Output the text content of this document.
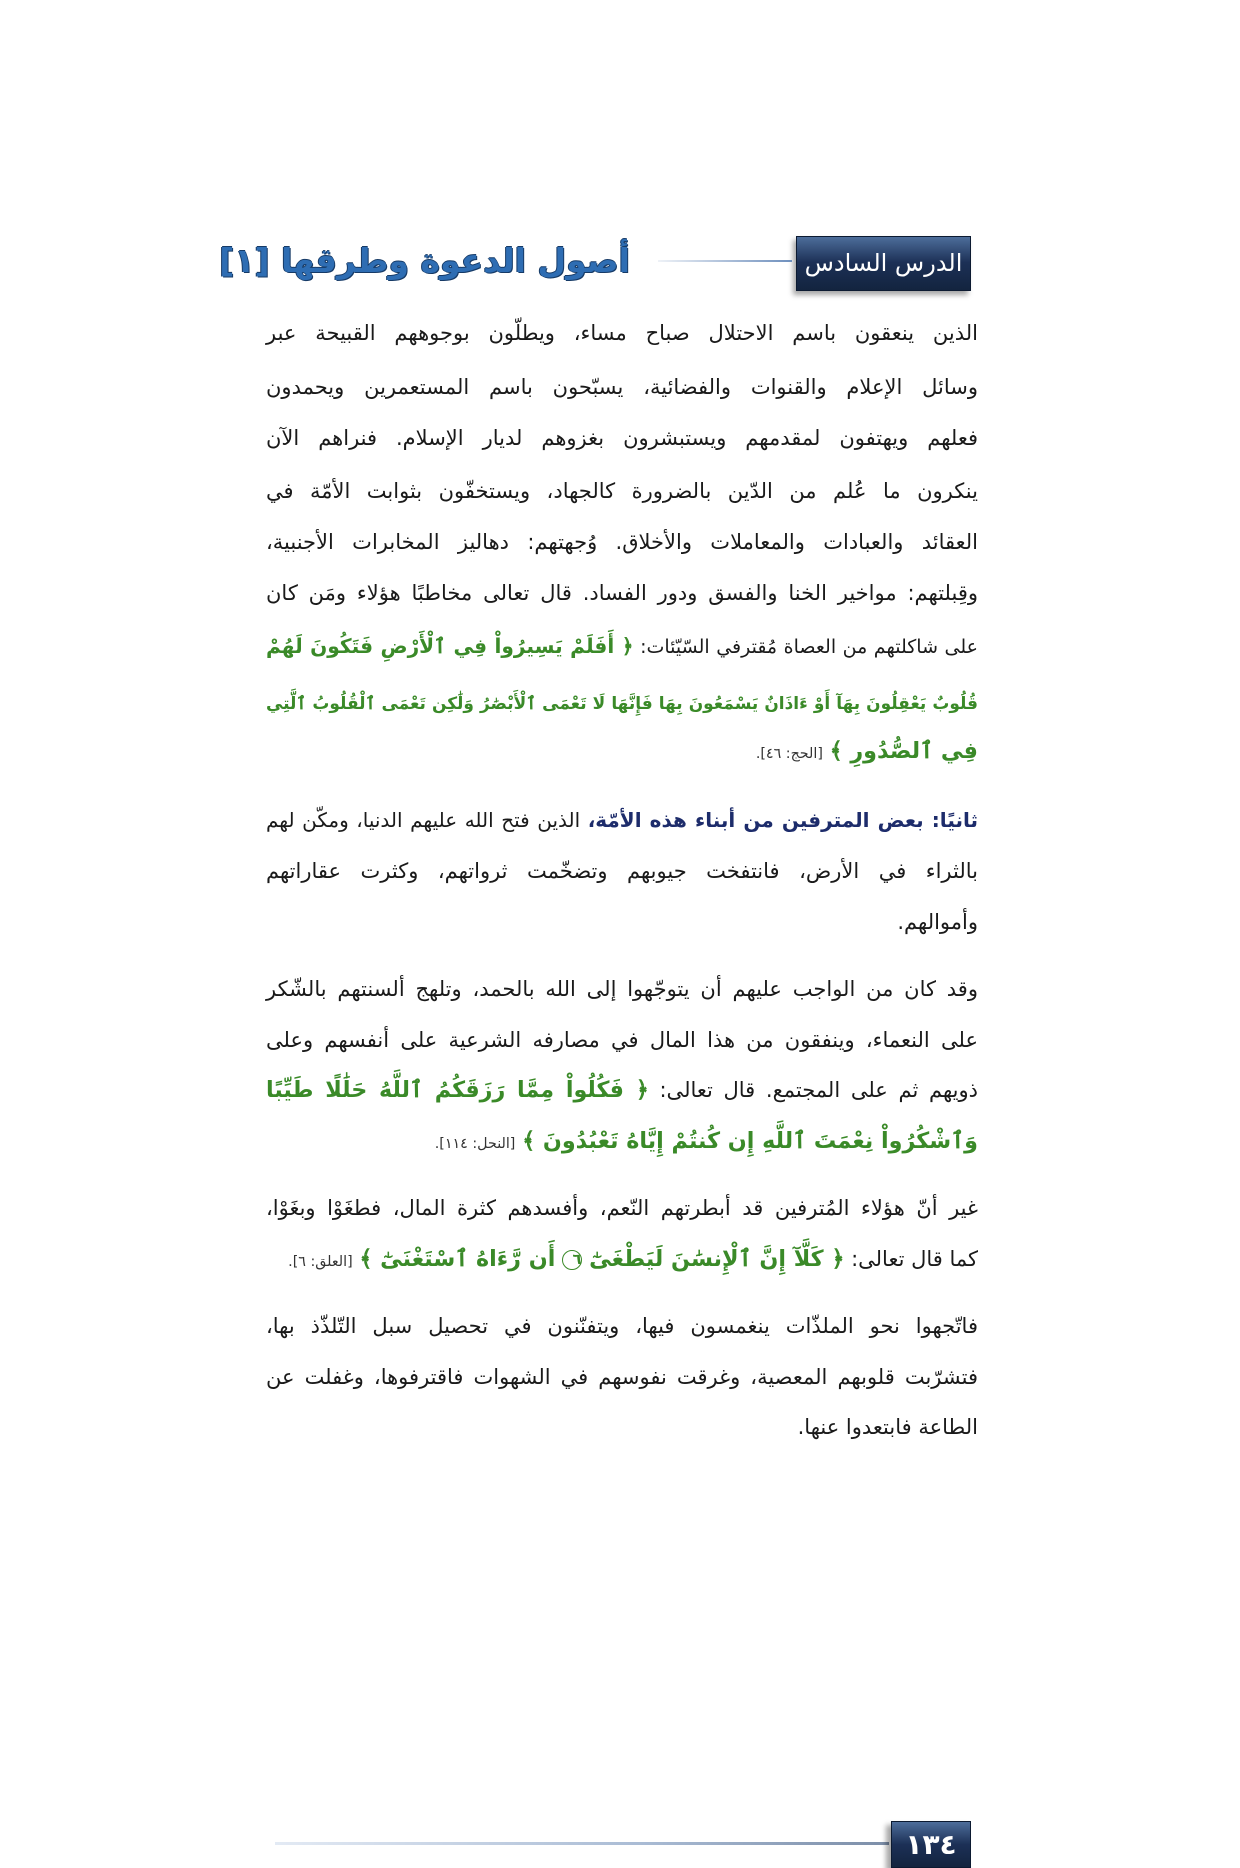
الدرس السادس
أصول الدعوة وطرقها [١]
الذين ينعقون باسم الاحتلال صباح مساء، ويطلّون بوجوههم القبيحة عبر
وسائل الإعلام والقنوات والفضائية، يسبّحون باسم المستعمرين ويحمدون
فعلهم ويهتفون لمقدمهم ويستبشرون بغزوهم لديار الإسلام. فنراهم الآن
ينكرون ما عُلم من الدّين بالضرورة كالجهاد، ويستخفّون بثوابت الأمّة في
العقائد والعبادات والمعاملات والأخلاق. وُجهتهم: دهاليز المخابرات الأجنبية،
وقِبلتهم: مواخير الخنا والفسق ودور الفساد. قال تعالى مخاطبًا هؤلاء ومَن كان
على شاكلتهم من العصاة مُقترفي السّيّئات: ﴿ أَفَلَمْ يَسِيرُواْ فِي ٱلْأَرْضِ فَتَكُونَ لَهُمْ
قُلُوبٌ يَعْقِلُونَ بِهَآ أَوْ ءَاذَانٌ يَسْمَعُونَ بِهَا فَإِنَّهَا لَا تَعْمَى ٱلْأَبْصَٰرُ وَلَٰكِن تَعْمَى ٱلْقُلُوبُ ٱلَّتِي
فِي ٱلصُّدُورِ ﴾ [الحج: ٤٦].
ثانيًا: بعض المترفين من أبناء هذه الأمّة، الذين فتح الله عليهم الدنيا، ومكّن لهم
بالثراء في الأرض، فانتفخت جيوبهم وتضخّمت ثرواتهم، وكثرت عقاراتهم
وأموالهم.
وقد كان من الواجب عليهم أن يتوجّهوا إلى الله بالحمد، وتلهج ألسنتهم بالشّكر
على النعماء، وينفقون من هذا المال في مصارفه الشرعية على أنفسهم وعلى
ذويهم ثم على المجتمع. قال تعالى: ﴿ فَكُلُواْ مِمَّا رَزَقَكُمُ ٱللَّهُ حَلَٰلًا طَيِّبًا
وَٱشْكُرُواْ نِعْمَتَ ٱللَّهِ إِن كُنتُمْ إِيَّاهُ تَعْبُدُونَ ﴾ [النحل: ١١٤].
غير أنّ هؤلاء المُترفين قد أبطرتهم النّعم، وأفسدهم كثرة المال، فطغَوْا وبغَوْا،
كما قال تعالى: ﴿ كَلَّآ إِنَّ ٱلْإِنسَٰنَ لَيَطْغَىٰٓ ٦ أَن رَّءَاهُ ٱسْتَغْنَىٰٓ ﴾ [العلق: ٦].
فاتّجهوا نحو الملذّات ينغمسون فيها، ويتفنّنون في تحصيل سبل التّلذّذ بها،
فتشرّبت قلوبهم المعصية، وغرقت نفوسهم في الشهوات فاقترفوها، وغفلت عن
الطاعة فابتعدوا عنها.
١٣٤
